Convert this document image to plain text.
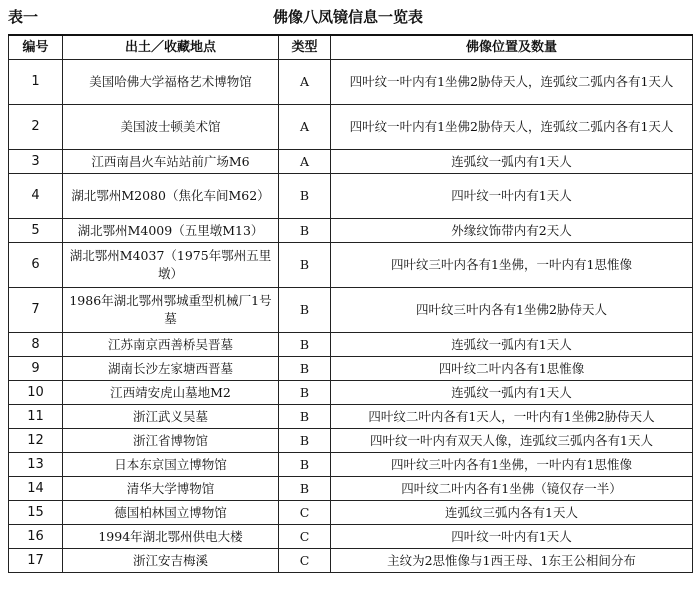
表一	佛像八凤镜信息一览表
编号	出土／收藏地点	类型	佛像位置及数量
1	美国哈佛大学福格艺术博物馆	A	四叶纹一叶内有1坐佛2胁侍天人，连弧纹二弧内各有1天人
2	美国波士顿美术馆	A	四叶纹一叶内有1坐佛2胁侍天人，连弧纹二弧内各有1天人
3	江西南昌火车站站前广场M6	A	连弧纹一弧内有1天人
4	湖北鄂州M2080（焦化车间M62）	B	四叶纹一叶内有1天人
5	湖北鄂州M4009（五里墩M13）	B	外缘纹饰带内有2天人
6	湖北鄂州M4037（1975年鄂州五里墩）	B	四叶纹三叶内各有1坐佛，一叶内有1思惟像
7	1986年湖北鄂州鄂城重型机械厂1号墓	B	四叶纹三叶内各有1坐佛2胁侍天人
8	江苏南京西善桥吴晋墓	B	连弧纹一弧内有1天人
9	湖南长沙左家塘西晋墓	B	四叶纹二叶内各有1思惟像
10	江西靖安虎山墓地M2	B	连弧纹一弧内有1天人
11	浙江武义吴墓	B	四叶纹二叶内各有1天人，一叶内有1坐佛2胁侍天人
12	浙江省博物馆	B	四叶纹一叶内有双天人像，连弧纹三弧内各有1天人
13	日本东京国立博物馆	B	四叶纹三叶内各有1坐佛，一叶内有1思惟像
14	清华大学博物馆	B	四叶纹二叶内各有1坐佛（镜仅存一半）
15	德国柏林国立博物馆	C	连弧纹三弧内各有1天人
16	1994年湖北鄂州供电大楼	C	四叶纹一叶内有1天人
17	浙江安吉梅溪	C	主纹为2思惟像与1西王母、1东王公相间分布
